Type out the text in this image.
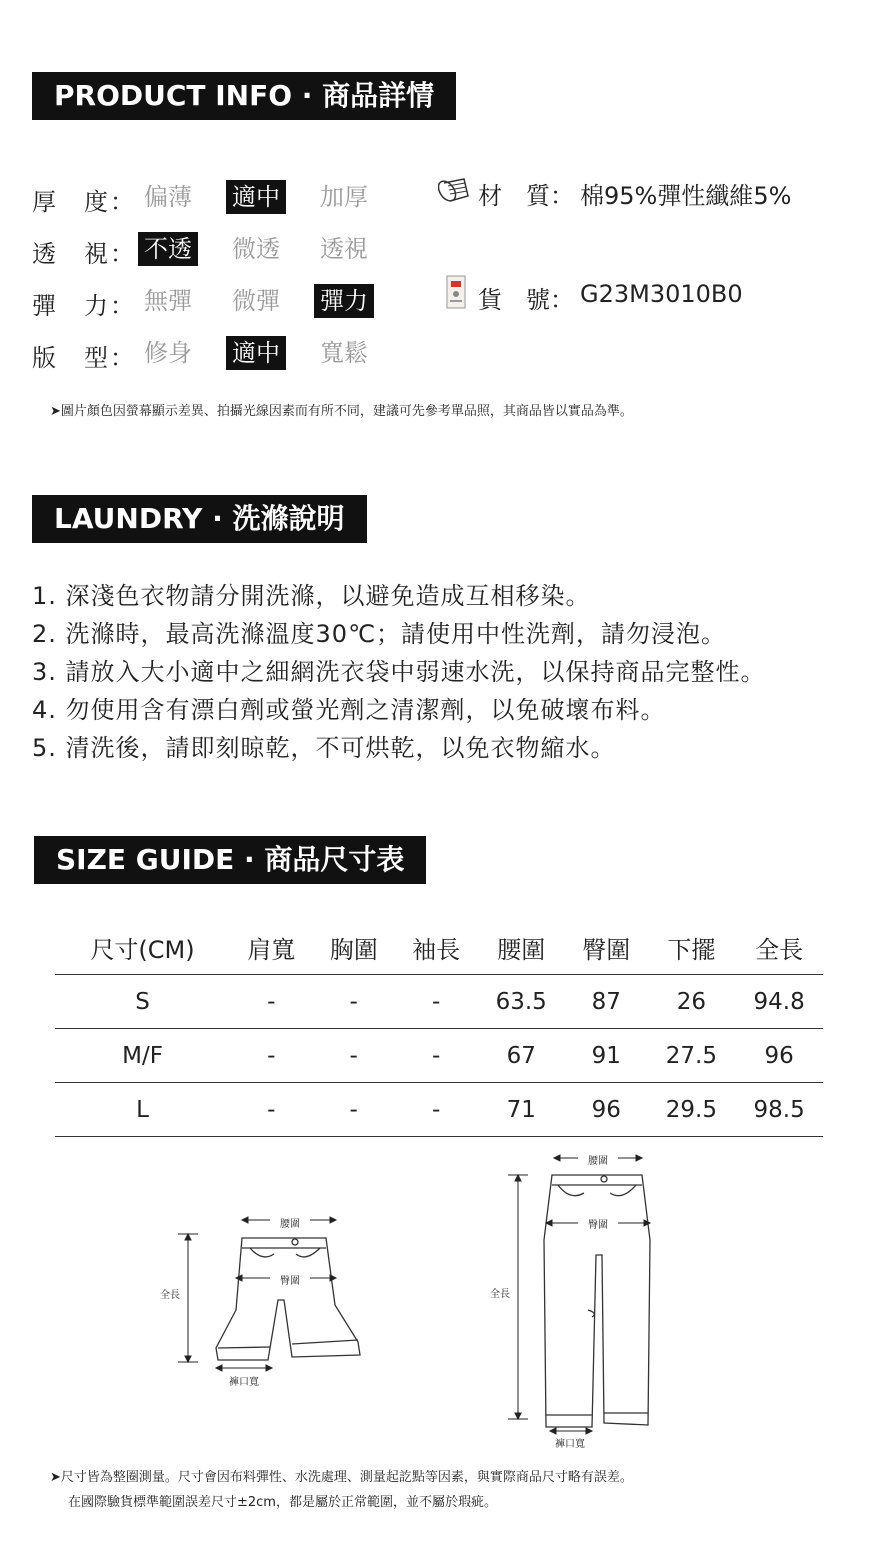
PRODUCT INFO · 商品詳情
厚　度： 偏薄 適中 加厚
透　視： 不透 微透 透視
彈　力： 無彈 微彈 彈力
版　型： 修身 適中 寬鬆
材　質： 棉95%彈性纖維5%
貨　號： G23M3010B0
➤圖片顏色因螢幕顯示差異、拍攝光線因素而有所不同，建議可先參考單品照，其商品皆以實品為準。
LAUNDRY · 洗滌說明
1. 深淺色衣物請分開洗滌，以避免造成互相移染。
2. 洗滌時，最高洗滌溫度30℃；請使用中性洗劑，請勿浸泡。
3. 請放入大小適中之細網洗衣袋中弱速水洗，以保持商品完整性。
4. 勿使用含有漂白劑或螢光劑之清潔劑，以免破壞布料。
5. 清洗後，請即刻晾乾，不可烘乾，以免衣物縮水。
SIZE GUIDE · 商品尺寸表
尺寸(CM)	肩寬	胸圍	袖長	腰圍	臀圍	下擺	全長
S	-	-	-	63.5	87	26	94.8
M/F	-	-	-	67	91	27.5	96
L	-	-	-	71	96	29.5	98.5
腰圍
臀圍
全長
褲口寬
腰圍
臀圍
全長
褲口寬
➤尺寸皆為整圈測量。尺寸會因布料彈性、水洗處理、測量起訖點等因素，與實際商品尺寸略有誤差。
在國際驗貨標準範圍誤差尺寸±2cm，都是屬於正常範圍，並不屬於瑕疵。
